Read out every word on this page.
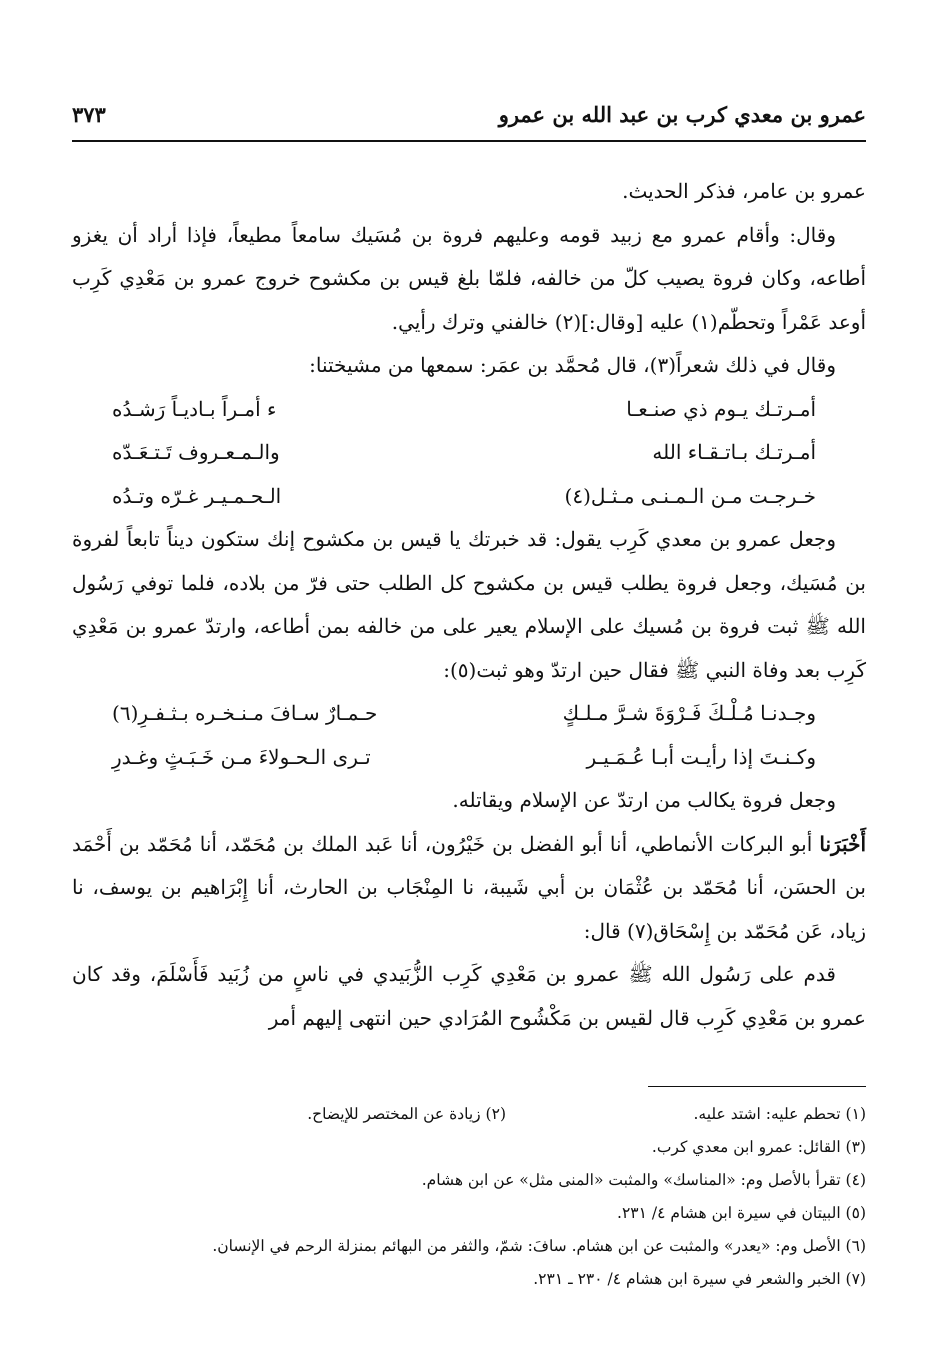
عمرو بن معدي كرب بن عبد الله بن عمرو
٣٧٣

عمرو بن عامر، فذكر الحديث.

وقال: وأقام عمرو مع زبيد قومه وعليهم فروة بن مُسَيك سامعاً مطيعاً، فإذا أراد أن يغزو أطاعه، وكان فروة يصيب كلّ من خالفه، فلمّا بلغ قيس بن مكشوح خروج عمرو بن مَعْدِي كَرِب أوعد عَمْراً وتحطّم(١) عليه [وقال:](٢) خالفني وترك رأيي.

وقال في ذلك شعراً(٣)، قال مُحمَّد بن عمَر: سمعها من مشيختنا:

أمـرتـك يـوم ذي صنـعـا
ء أمـراً بـاديـاً رَشـدُه
أمـرتـك بـاتـقـاء الله
والـمـعـروف تَـتـعَـدّه
خـرجـت مـن الـمـنـى مـثـل(٤)
الـحـمـيـر غـرّه وتـدُه

وجعل عمرو بن معدي كَرِب يقول: قد خبرتك يا قيس بن مكشوح إنك ستكون ديناً تابعاً لفروة بن مُسَيك، وجعل فروة يطلب قيس بن مكشوح كل الطلب حتى فرّ من بلاده، فلما توفي رَسُول الله ﷺ ثبت فروة بن مُسيك على الإسلام يعير على من خالفه بمن أطاعه، وارتدّ عمرو بن مَعْدِي كَرِب بعد وفاة النبي ﷺ فقال حين ارتدّ وهو ثبت(٥):

وجـدنـا مُـلْـكَ فَـرْوَةَ شـرَّ مـلـكٍ
حـمـارٌ سـافَ مـنـخـره بـثـفـرِ(٦)
وكـنـتَ إذا رأيـت أبـا عُـمَـيـر
تـرى الـحـولاءَ مـن خَـبَـثٍ وغـدرِ

وجعل فروة يكالب من ارتدّ عن الإسلام ويقاتله.

أَخْبَرَنا أبو البركات الأنماطي، أنا أبو الفضل بن خَيْرُون، أنا عَبد الملك بن مُحَمّد، أنا مُحَمّد بن أَحْمَد بن الحسَن، أنا مُحَمّد بن عُثْمَان بن أبي شَيبة، نا المِنْجَاب بن الحارث، أنا إِبْرَاهيم بن يوسف، نا زياد، عَن مُحَمّد بن إِسْحَاق(٧) قال:

قدم على رَسُول الله ﷺ عمرو بن مَعْدِي كَرِب الزُّبَيدي في ناسٍ من زُبَيد فَأَسْلَمَ، وقد كان عمرو بن مَعْدِي كَرِب قال لقيس بن مَكْشُوح المُرَادي حين انتهى إليهم أمر

(١) تحطم عليه: اشتد عليه.
(٢) زيادة عن المختصر للإيضاح.
(٣) القائل: عمرو ابن معدي كرب.
(٤) تقرأ بالأصل وم: «المناسك» والمثبت «المنى مثل» عن ابن هشام.
(٥) البيتان في سيرة ابن هشام ٤/ ٢٣١.
(٦) الأصل وم: «يعدر» والمثبت عن ابن هشام. سافَ: شمّ، والثفر من البهائم بمنزلة الرحم في الإنسان.
(٧) الخبر والشعر في سيرة ابن هشام ٤/ ٢٣٠ ـ ٢٣١.
